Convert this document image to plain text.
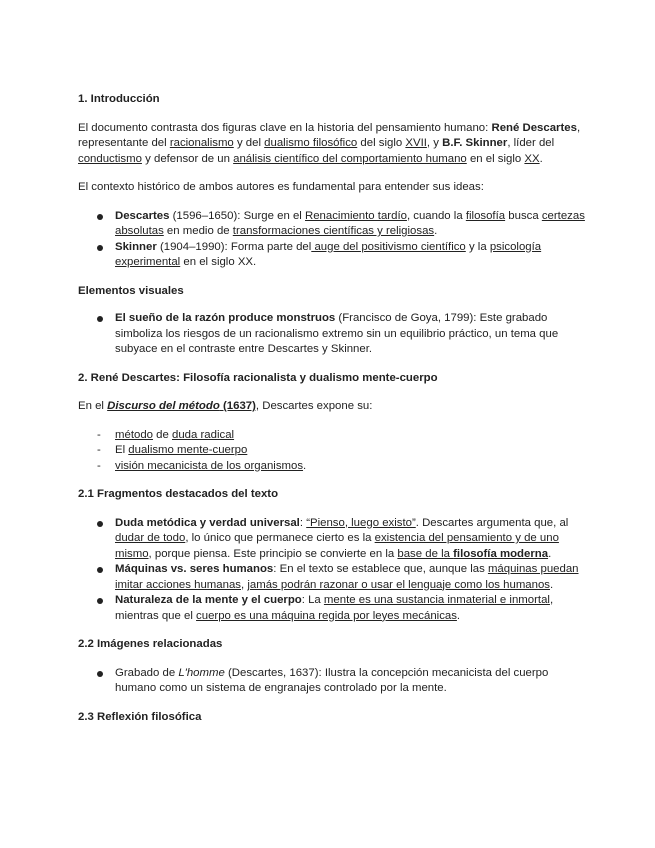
1. Introducción

El documento contrasta dos figuras clave en la historia del pensamiento humano: René Descartes, representante del racionalismo y del dualismo filosófico del siglo XVII, y B.F. Skinner, líder del conductismo y defensor de un análisis científico del comportamiento humano en el siglo XX.

El contexto histórico de ambos autores es fundamental para entender sus ideas:

Descartes (1596–1650): Surge en el Renacimiento tardío, cuando la filosofía busca certezas absolutas en medio de transformaciones científicas y religiosas.
Skinner (1904–1990): Forma parte del auge del positivismo científico y la psicología experimental en el siglo XX.
Elementos visuales
El sueño de la razón produce monstruos (Francisco de Goya, 1799): Este grabado simboliza los riesgos de un racionalismo extremo sin un equilibrio práctico, un tema que subyace en el contraste entre Descartes y Skinner.
2. René Descartes: Filosofía racionalista y dualismo mente-cuerpo

En el Discurso del método (1637), Descartes expone su:

- método de duda radical
- El dualismo mente-cuerpo
- visión mecanicista de los organismos.
2.1 Fragmentos destacados del texto
Duda metódica y verdad universal: “Pienso, luego existo”. Descartes argumenta que, al dudar de todo, lo único que permanece cierto es la existencia del pensamiento y de uno mismo, porque piensa. Este principio se convierte en la base de la filosofía moderna.
Máquinas vs. seres humanos: En el texto se establece que, aunque las máquinas puedan imitar acciones humanas, jamás podrán razonar o usar el lenguaje como los humanos.
Naturaleza de la mente y el cuerpo: La mente es una sustancia inmaterial e inmortal, mientras que el cuerpo es una máquina regida por leyes mecánicas.
2.2 Imágenes relacionadas
Grabado de L'homme (Descartes, 1637): Ilustra la concepción mecanicista del cuerpo humano como un sistema de engranajes controlado por la mente.
2.3 Reflexión filosófica
